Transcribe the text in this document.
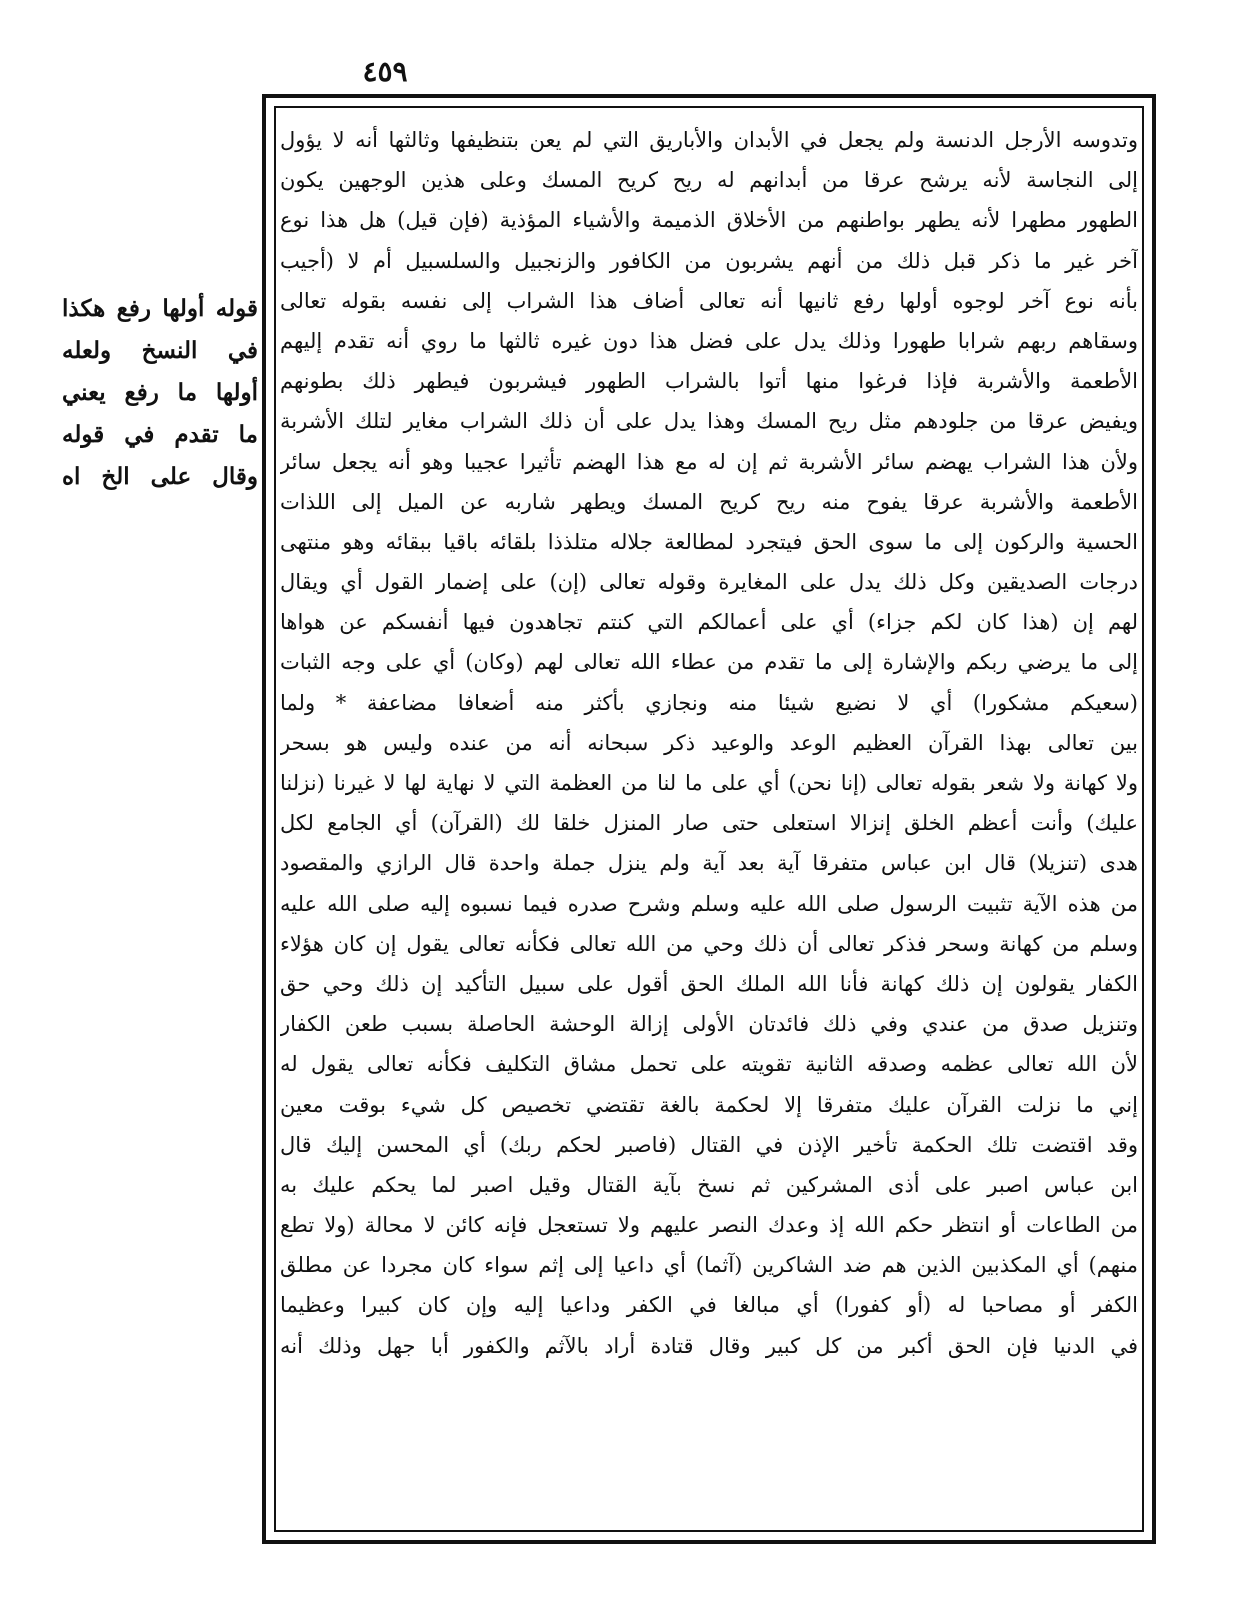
٤٥٩
قوله أولها رفع هكذا
في النسخ ولعله
أولها ما رفع يعني
ما تقدم في قوله
وقال على الخ اه
وتدوسه الأرجل الدنسة ولم يجعل في الأبدان والأباريق التي لم يعن بتنظيفها وثالثها أنه لا يؤول
إلى النجاسة لأنه يرشح عرقا من أبدانهم له ريح كريح المسك وعلى هذين الوجهين يكون
الطهور مطهرا لأنه يطهر بواطنهم من الأخلاق الذميمة والأشياء المؤذية (فإن قيل) هل هذا نوع
آخر غير ما ذكر قبل ذلك من أنهم يشربون من الكافور والزنجبيل والسلسبيل أم لا (أجيب
بأنه نوع آخر لوجوه أولها رفع ثانيها أنه تعالى أضاف هذا الشراب إلى نفسه بقوله تعالى
وسقاهم ربهم شرابا طهورا وذلك يدل على فضل هذا دون غيره ثالثها ما روي أنه تقدم إليهم
الأطعمة والأشربة فإذا فرغوا منها أتوا بالشراب الطهور فيشربون فيطهر ذلك بطونهم
ويفيض عرقا من جلودهم مثل ريح المسك وهذا يدل على أن ذلك الشراب مغاير لتلك الأشربة
ولأن هذا الشراب يهضم سائر الأشربة ثم إن له مع هذا الهضم تأثيرا عجيبا وهو أنه يجعل سائر
الأطعمة والأشربة عرقا يفوح منه ريح كريح المسك ويطهر شاربه عن الميل إلى اللذات
الحسية والركون إلى ما سوى الحق فيتجرد لمطالعة جلاله متلذذا بلقائه باقيا ببقائه وهو منتهى
درجات الصديقين وكل ذلك يدل على المغايرة وقوله تعالى (إن) على إضمار القول أي ويقال
لهم إن (هذا كان لكم جزاء) أي على أعمالكم التي كنتم تجاهدون فيها أنفسكم عن هواها
إلى ما يرضي ربكم والإشارة إلى ما تقدم من عطاء الله تعالى لهم (وكان) أي على وجه الثبات
(سعيكم مشكورا) أي لا نضيع شيئا منه ونجازي بأكثر منه أضعافا مضاعفة * ولما
بين تعالى بهذا القرآن العظيم الوعد والوعيد ذكر سبحانه أنه من عنده وليس هو بسحر
ولا كهانة ولا شعر بقوله تعالى (إنا نحن) أي على ما لنا من العظمة التي لا نهاية لها لا غيرنا (نزلنا
عليك) وأنت أعظم الخلق إنزالا استعلى حتى صار المنزل خلقا لك (القرآن) أي الجامع لكل
هدى (تنزيلا) قال ابن عباس متفرقا آية بعد آية ولم ينزل جملة واحدة قال الرازي والمقصود
من هذه الآية تثبيت الرسول صلى الله عليه وسلم وشرح صدره فيما نسبوه إليه صلى الله عليه
وسلم من كهانة وسحر فذكر تعالى أن ذلك وحي من الله تعالى فكأنه تعالى يقول إن كان هؤلاء
الكفار يقولون إن ذلك كهانة فأنا الله الملك الحق أقول على سبيل التأكيد إن ذلك وحي حق
وتنزيل صدق من عندي وفي ذلك فائدتان الأولى إزالة الوحشة الحاصلة بسبب طعن الكفار
لأن الله تعالى عظمه وصدقه الثانية تقويته على تحمل مشاق التكليف فكأنه تعالى يقول له
إني ما نزلت القرآن عليك متفرقا إلا لحكمة بالغة تقتضي تخصيص كل شيء بوقت معين
وقد اقتضت تلك الحكمة تأخير الإذن في القتال (فاصبر لحكم ربك) أي المحسن إليك قال
ابن عباس اصبر على أذى المشركين ثم نسخ بآية القتال وقيل اصبر لما يحكم عليك به
من الطاعات أو انتظر حكم الله إذ وعدك النصر عليهم ولا تستعجل فإنه كائن لا محالة (ولا تطع
منهم) أي المكذبين الذين هم ضد الشاكرين (آثما) أي داعيا إلى إثم سواء كان مجردا عن مطلق
الكفر أو مصاحبا له (أو كفورا) أي مبالغا في الكفر وداعيا إليه وإن كان كبيرا وعظيما
في الدنيا فإن الحق أكبر من كل كبير وقال قتادة أراد بالآثم والكفور أبا جهل وذلك أنه
